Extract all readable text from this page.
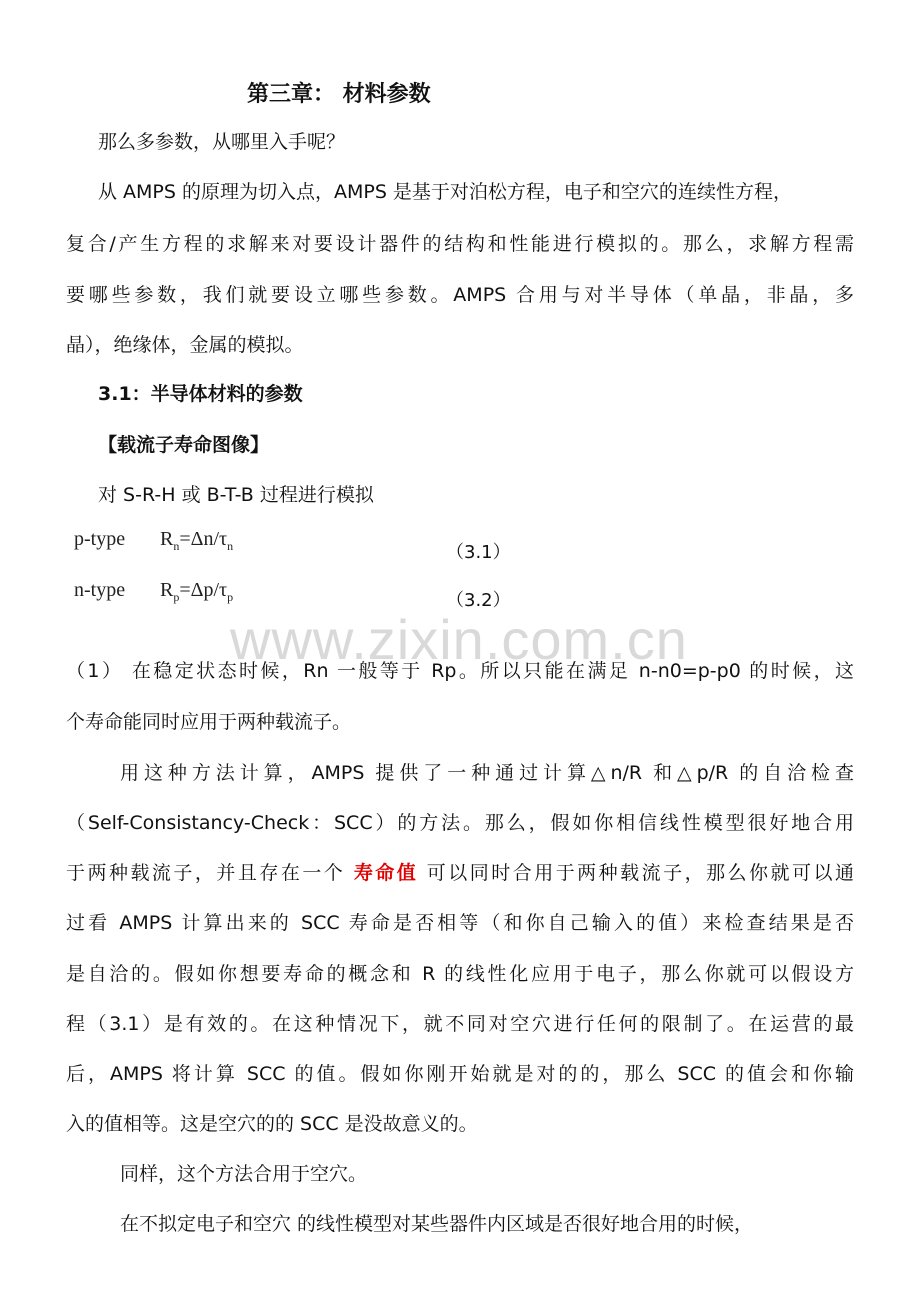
第三章： 材料参数
那么多参数，从哪里入手呢？
从 AMPS 的原理为切入点，AMPS 是基于对泊松方程，电子和空穴的连续性方程，
复合/产生方程的求解来对要设计器件的结构和性能进行模拟的。那么，求解方程需
要哪些参数，我们就要设立哪些参数。AMPS 合用与对半导体（单晶，非晶，多
晶），绝缘体，金属的模拟。
3.1：半导体材料的参数
【载流子寿命图像】
对 S-R-H 或 B-T-B 过程进行模拟
p-type $R_n=\Delta n/\tau_n$	（3.1）
n-type $R_p=\Delta p/\tau_p$	（3.2）
www.zixin.com.cn
（1） 在稳定状态时候，Rn 一般等于 Rp。所以只能在满足 n-n0=p-p0 的时候，这
个寿命能同时应用于两种载流子。
用这种方法计算，AMPS 提供了一种通过计算△n/R 和△p/R 的自洽检查
（Self-Consistancy-Check：SCC）的方法。那么，假如你相信线性模型很好地合用
于两种载流子，并且存在一个 寿命值 可以同时合用于两种载流子，那么你就可以通
过看 AMPS 计算出来的 SCC 寿命是否相等（和你自己输入的值）来检查结果是否
是自洽的。假如你想要寿命的概念和 R 的线性化应用于电子，那么你就可以假设方
程（3.1）是有效的。在这种情况下，就不同对空穴进行任何的限制了。在运营的最
后，AMPS 将计算 SCC 的值。假如你刚开始就是对的的，那么 SCC 的值会和你输
入的值相等。这是空穴的的 SCC 是没故意义的。
同样，这个方法合用于空穴。
在不拟定电子和空穴 的线性模型对某些器件内区域是否很好地合用的时候，
